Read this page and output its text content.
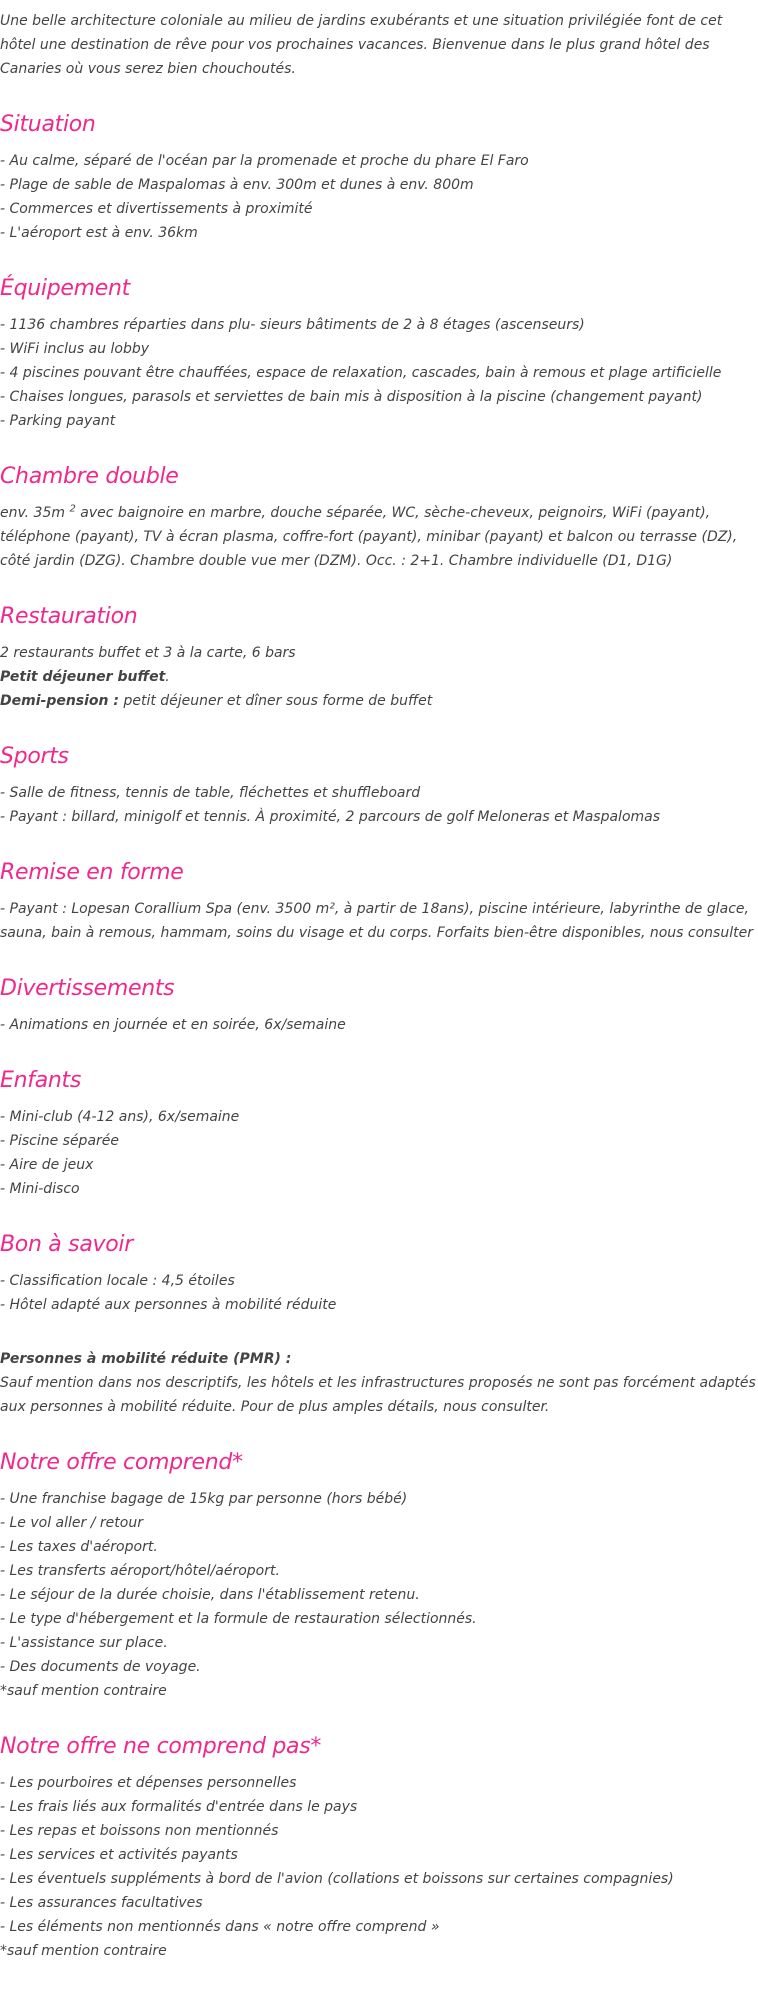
Une belle architecture coloniale au milieu de jardins exubérants et une situation privilégiée font de cet hôtel une destination de rêve pour vos prochaines vacances. Bienvenue dans le plus grand hôtel des Canaries où vous serez bien chouchoutés.

Situation

- Au calme, séparé de l'océan par la promenade et proche du phare El Faro

- Plage de sable de Maspalomas à env. 300m et dunes à env. 800m

- Commerces et divertissements à proximité

- L'aéroport est à env. 36km

Équipement

- 1136 chambres réparties dans plu- sieurs bâtiments de 2 à 8 étages (ascenseurs)

- WiFi inclus au lobby

- 4 piscines pouvant être chauffées, espace de relaxation, cascades, bain à remous et plage artificielle

- Chaises longues, parasols et serviettes de bain mis à disposition à la piscine (changement payant)

- Parking payant

Chambre double

env. 35m $^2$ avec baignoire en marbre, douche séparée, WC, sèche-cheveux, peignoirs, WiFi (payant), téléphone (payant), TV à écran plasma, coffre-fort (payant), minibar (payant) et balcon ou terrasse (DZ), côté jardin (DZG). Chambre double vue mer (DZM). Occ. : 2+1. Chambre individuelle (D1, D1G)

Restauration

2 restaurants buffet et 3 à la carte, 6 bars

Petit déjeuner buffet.

Demi-pension : petit déjeuner et dîner sous forme de buffet

Sports

- Salle de fitness, tennis de table, fléchettes et shuffleboard

- Payant : billard, minigolf et tennis. À proximité, 2 parcours de golf Meloneras et Maspalomas

Remise en forme

- Payant : Lopesan Corallium Spa (env. 3500 m², à partir de 18ans), piscine intérieure, labyrinthe de glace, sauna, bain à remous, hammam, soins du visage et du corps. Forfaits bien-être disponibles, nous consulter

Divertissements

- Animations en journée et en soirée, 6x/semaine

Enfants

- Mini-club (4-12 ans), 6x/semaine

- Piscine séparée

- Aire de jeux

- Mini-disco

Bon à savoir

- Classification locale : 4,5 étoiles

- Hôtel adapté aux personnes à mobilité réduite

Personnes à mobilité réduite (PMR) :

Sauf mention dans nos descriptifs, les hôtels et les infrastructures proposés ne sont pas forcément adaptés aux personnes à mobilité réduite. Pour de plus amples détails, nous consulter.

Notre offre comprend*

- Une franchise bagage de 15kg par personne (hors bébé)

- Le vol aller / retour

- Les taxes d'aéroport.

- Les transferts aéroport/hôtel/aéroport.

- Le séjour de la durée choisie, dans l'établissement retenu.

- Le type d'hébergement et la formule de restauration sélectionnés.

- L'assistance sur place.

- Des documents de voyage.

*sauf mention contraire

Notre offre ne comprend pas*

- Les pourboires et dépenses personnelles

- Les frais liés aux formalités d'entrée dans le pays

- Les repas et boissons non mentionnés

- Les services et activités payants

- Les éventuels suppléments à bord de l'avion (collations et boissons sur certaines compagnies)

- Les assurances facultatives

- Les éléments non mentionnés dans « notre offre comprend »

*sauf mention contraire
